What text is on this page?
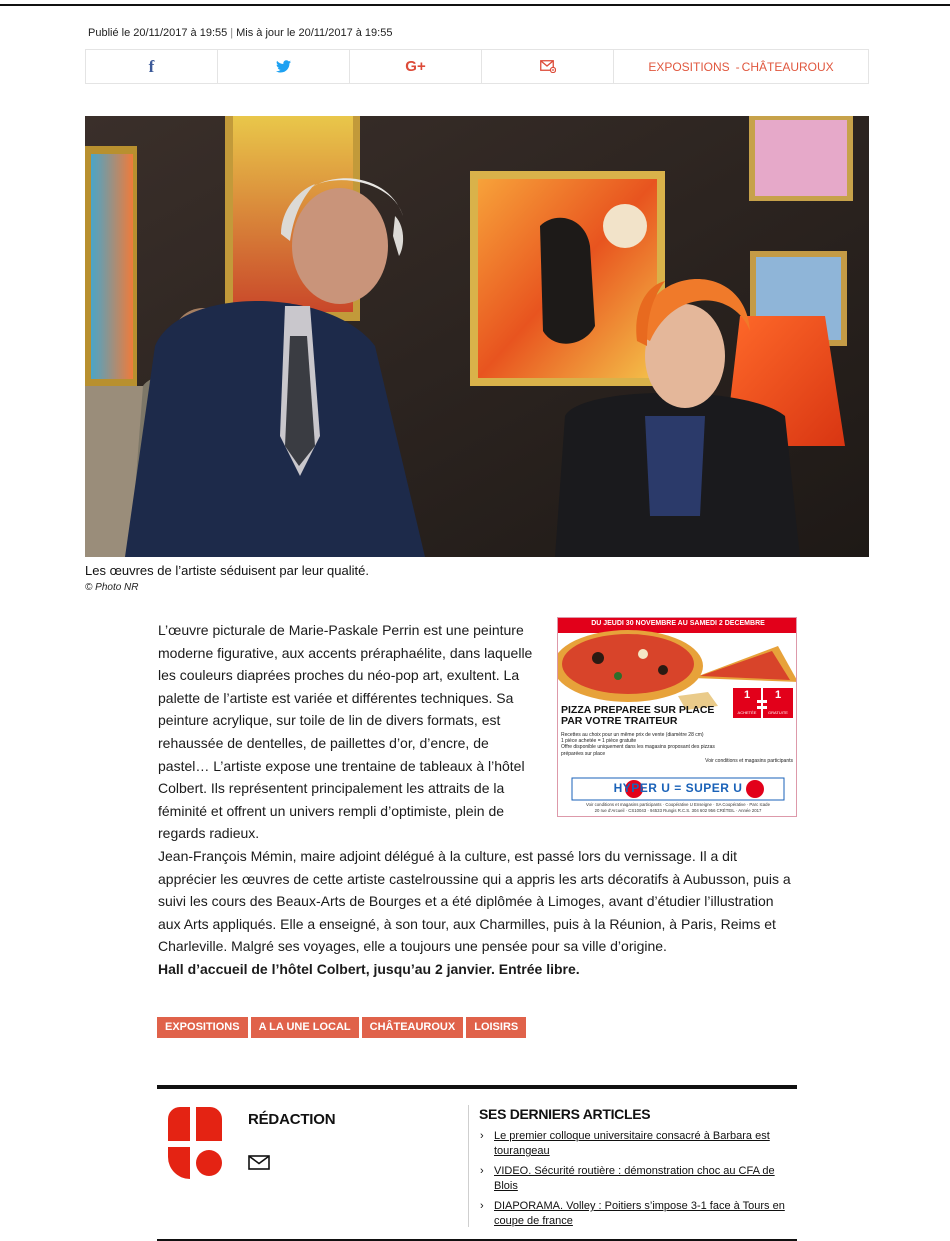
Publié le 20/11/2017 à 19:55 | Mis à jour le 20/11/2017 à 19:55
f	G+	EXPOSITIONS - CHÂTEAUROUX
Les œuvres de l’artiste séduisent par leur qualité.
© Photo NR
DU JEUDI 30 NOVEMBRE AU SAMEDI 2 DECEMBRE
1
ACHETÉE
1
GRATUITE
PIZZA PREPAREE SUR PLACE
PAR VOTRE TRAITEUR
Recettes au choix pour un même prix de vente (diamètre 28 cm)
1 pièce achetée = 1 pièce gratuite
Offre disponible uniquement dans les magasins proposant des pizzas
préparées sur place
Voir conditions et magasins participants
HYPER U = SUPER U
Voir conditions et magasins participants · Coopérative U Enseigne · SA Coopérative · Parc Icade
20 rue d’Arcueil · CS10043 · 94533 Rungis R.C.S. 304 602 956 CRÉTEIL · Année 2017

L’œuvre picturale de Marie-Paskale Perrin est une peinture moderne figurative, aux accents préraphaélite, dans laquelle les couleurs diaprées proches du néo-pop art, exultent. La palette de l’artiste est variée et différentes techniques. Sa peinture acrylique, sur toile de lin de divers formats, est rehaussée de dentelles, de paillettes d’or, d’encre, de pastel… L’artiste expose une trentaine de tableaux à l’hôtel Colbert. Ils représentent principalement les attraits de la féminité et offrent un univers rempli d’optimiste, plein de regards radieux.

Jean-François Mémin, maire adjoint délégué à la culture, est passé lors du vernissage. Il a dit apprécier les œuvres de cette artiste castelroussine qui a appris les arts décoratifs à Aubusson, puis a suivi les cours des Beaux-Arts de Bourges et a été diplômée à Limoges, avant d’étudier l’illustration aux Arts appliqués. Elle a enseigné, à son tour, aux Charmilles, puis à la Réunion, à Paris, Reims et Charleville. Malgré ses voyages, elle a toujours une pensée pour sa ville d’origine.

Hall d’accueil de l’hôtel Colbert, jusqu’au 2 janvier. Entrée libre.

EXPOSITIONS	A LA UNE LOCAL	CHÂTEAUROUX	LOISIRS
RÉDACTION	SES DERNIERS ARTICLES
› Le premier colloque universitaire consacré à Barbara est tourangeau
› VIDEO. Sécurité routière : démonstration choc au CFA de Blois
› DIAPORAMA. Volley : Poitiers s’impose 3-1 face à Tours en coupe de france
